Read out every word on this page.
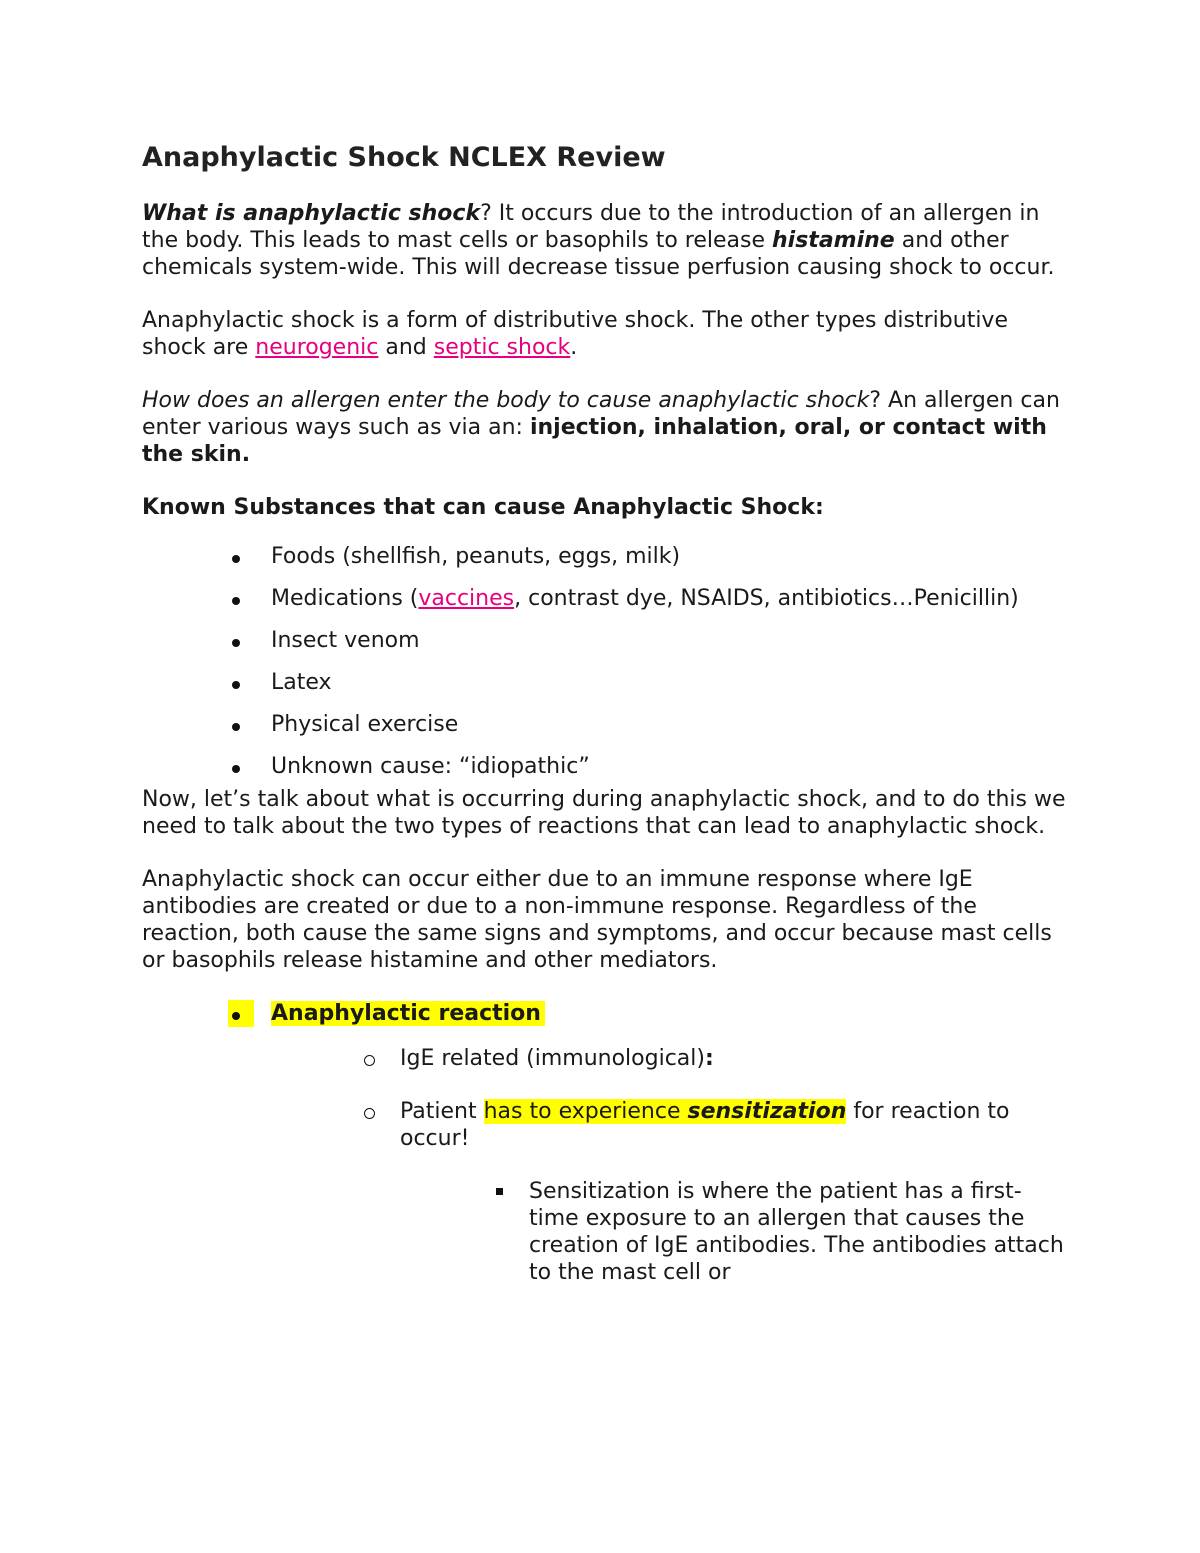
Anaphylactic Shock NCLEX Review

What is anaphylactic shock? It occurs due to the introduction of an allergen in the body. This leads to mast cells or basophils to release histamine and other chemicals system-wide. This will decrease tissue perfusion causing shock to occur.

Anaphylactic shock is a form of distributive shock. The other types distributive shock are neurogenic and septic shock.

How does an allergen enter the body to cause anaphylactic shock? An allergen can enter various ways such as via an: injection, inhalation, oral, or contact with the skin.

Known Substances that can cause Anaphylactic Shock:

Foods (shellfish, peanuts, eggs, milk)
Medications (vaccines, contrast dye, NSAIDS, antibiotics…Penicillin)
Insect venom
Latex
Physical exercise
Unknown cause: “idiopathic”

Now, let’s talk about what is occurring during anaphylactic shock, and to do this we need to talk about the two types of reactions that can lead to anaphylactic shock.

Anaphylactic shock can occur either due to an immune response where IgE antibodies are created or due to a non-immune response. Regardless of the reaction, both cause the same signs and symptoms, and occur because mast cells or basophils release histamine and other mediators.

Anaphylactic reaction
IgE related (immunological):
Patient has to experience sensitization for reaction to occur!
Sensitization is where the patient has a first-time exposure to an allergen that causes the creation of IgE antibodies. The antibodies attach to the mast cell or
